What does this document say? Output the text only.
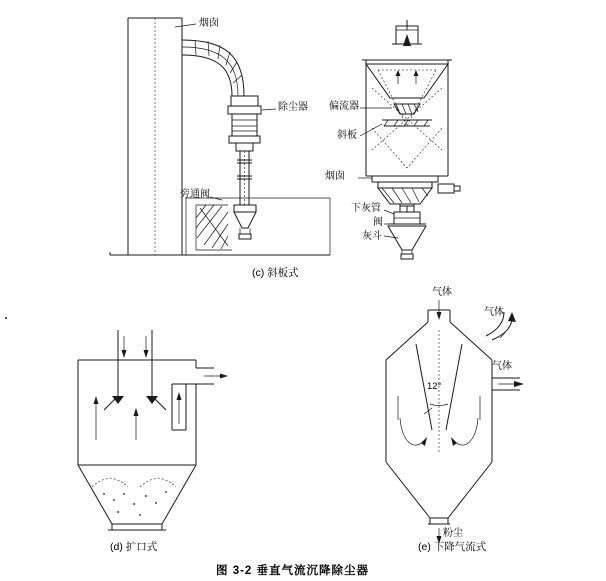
烟囱
除尘器
旁通阀
(c) 斜板式
偏流器
斜板
烟囱
下灰管
阀
灰斗
(d) 扩口式
气体
气体
气体
12°
粉尘
(e) 下降气流式
图 3-2 垂直气流沉降除尘器
